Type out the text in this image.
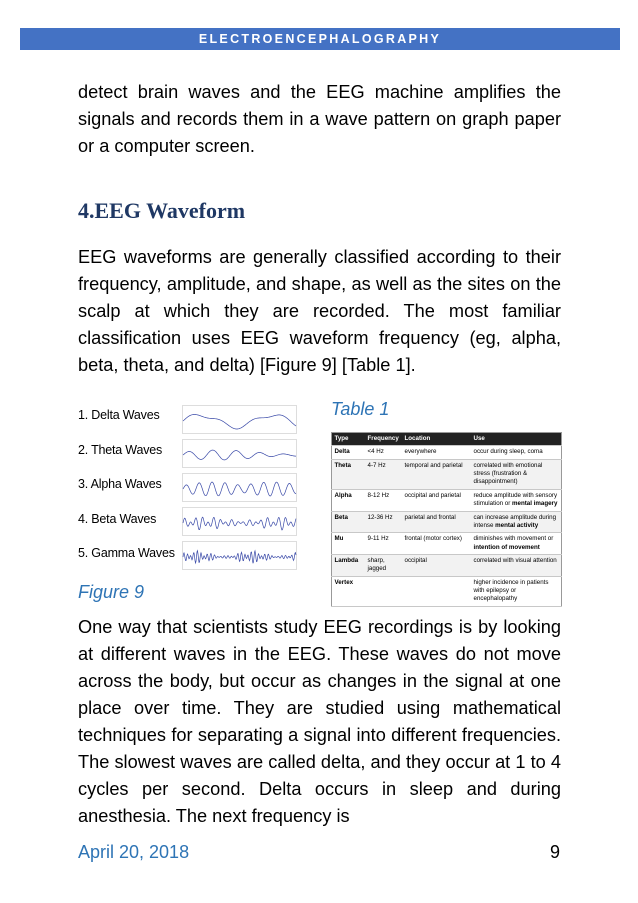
ELECTROENCEPHALOGRAPHY

detect brain waves and the EEG machine amplifies the signals and records them in a wave pattern on graph paper or a computer screen.

4.EEG Waveform

EEG waveforms are generally classified according to their frequency, amplitude, and shape, as well as the sites on the scalp at which they are recorded. The most familiar classification uses EEG waveform frequency (eg, alpha, beta, theta, and delta) [Figure 9] [Table 1].

1. Delta Waves
2. Theta Waves
3. Alpha Waves
4. Beta Waves
5. Gamma Waves

Figure 9

Table 1

Type	Frequency	Location	Use
Delta	<4 Hz	everywhere	occur during sleep, coma
Theta	4-7 Hz	temporal and parietal	correlated with emotional stress (frustration & disappointment)
Alpha	8-12 Hz	occipital and parietal	reduce amplitude with sensory stimulation or mental imagery
Beta	12-36 Hz	parietal and frontal	can increase amplitude during intense mental activity
Mu	9-11 Hz	frontal (motor cortex)	diminishes with movement or intention of movement
Lambda	sharp, jagged	occipital	correlated with visual attention
Vertex			higher incidence in patients with epilepsy or encephalopathy

One way that scientists study EEG recordings is by looking at different waves in the EEG. These waves do not move across the body, but occur as changes in the signal at one place over time. They are studied using mathematical techniques for separating a signal into different frequencies. The slowest waves are called delta, and they occur at 1 to 4 cycles per second. Delta occurs in sleep and during anesthesia. The next frequency is

April 20, 2018	9
